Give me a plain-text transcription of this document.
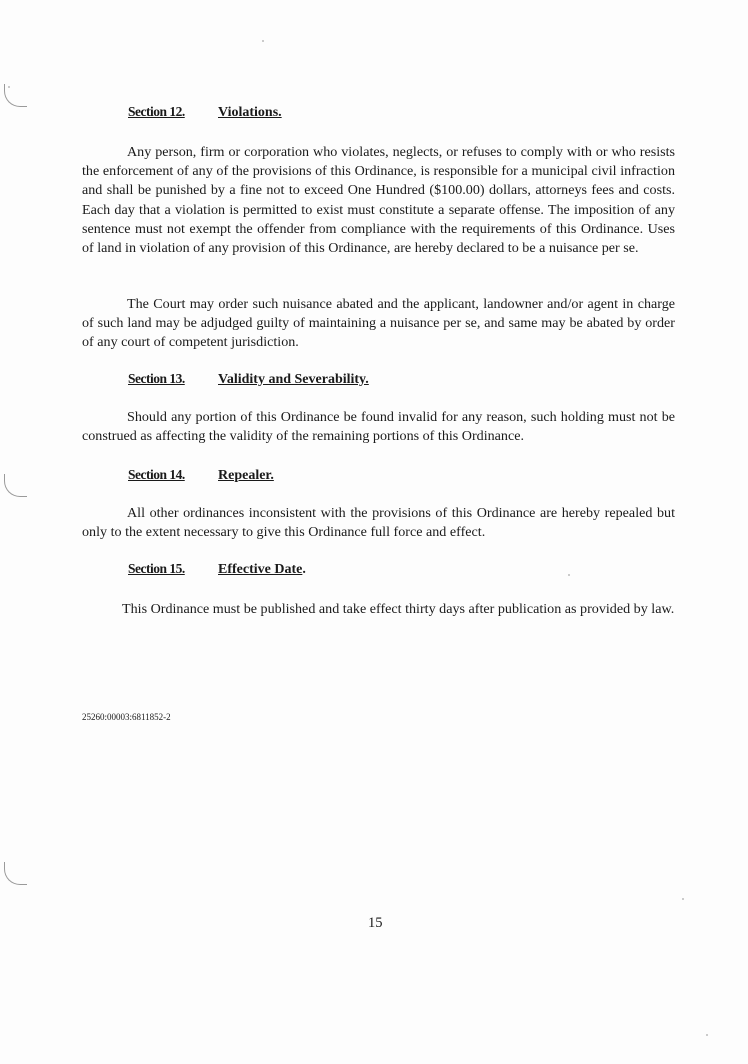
Section 12. Violations.

Any person, firm or corporation who violates, neglects, or refuses to comply with or who resists the enforcement of any of the provisions of this Ordinance, is responsible for a municipal civil infraction and shall be punished by a fine not to exceed One Hundred ($100.00) dollars, attorneys fees and costs. Each day that a violation is permitted to exist must constitute a separate offense. The imposition of any sentence must not exempt the offender from compliance with the requirements of this Ordinance. Uses of land in violation of any provision of this Ordinance, are hereby declared to be a nuisance per se.

The Court may order such nuisance abated and the applicant, landowner and/or agent in charge of such land may be adjudged guilty of maintaining a nuisance per se, and same may be abated by order of any court of competent jurisdiction.

Section 13. Validity and Severability.

Should any portion of this Ordinance be found invalid for any reason, such holding must not be construed as affecting the validity of the remaining portions of this Ordinance.

Section 14. Repealer.

All other ordinances inconsistent with the provisions of this Ordinance are hereby repealed but only to the extent necessary to give this Ordinance full force and effect.

Section 15. Effective Date.

This Ordinance must be published and take effect thirty days after publication as provided by law.

25260:00003:6811852-2
15
